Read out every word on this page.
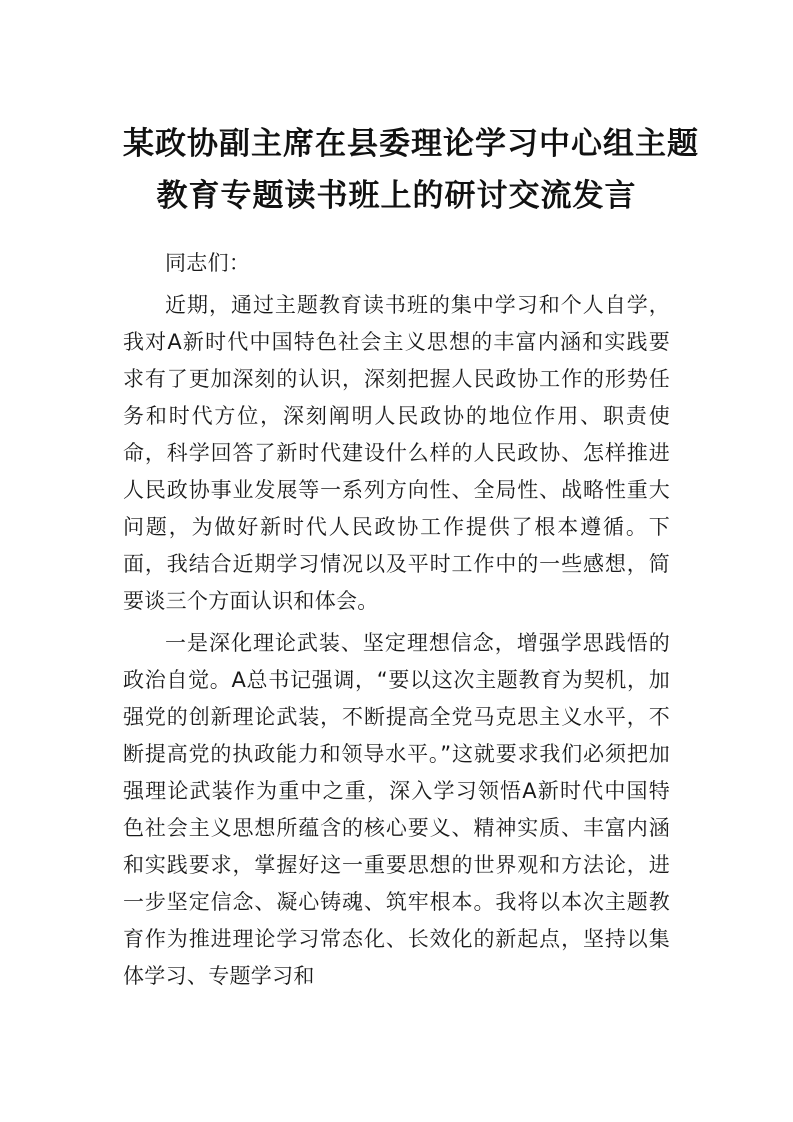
某政协副主席在县委理论学习中心组主题
教育专题读书班上的研讨交流发言

同志们：

近期，通过主题教育读书班的集中学习和个人自学，我对A新时代中国特色社会主义思想的丰富内涵和实践要求有了更加深刻的认识，深刻把握人民政协工作的形势任务和时代方位，深刻阐明人民政协的地位作用、职责使命，科学回答了新时代建设什么样的人民政协、怎样推进人民政协事业发展等一系列方向性、全局性、战略性重大问题，为做好新时代人民政协工作提供了根本遵循。下面，我结合近期学习情况以及平时工作中的一些感想，简要谈三个方面认识和体会。

一是深化理论武装、坚定理想信念，增强学思践悟的政治自觉。A总书记强调，“要以这次主题教育为契机，加强党的创新理论武装，不断提高全党马克思主义水平，不断提高党的执政能力和领导水平。”这就要求我们必须把加强理论武装作为重中之重，深入学习领悟A新时代中国特色社会主义思想所蕴含的核心要义、精神实质、丰富内涵和实践要求，掌握好这一重要思想的世界观和方法论，进一步坚定信念、凝心铸魂、筑牢根本。我将以本次主题教育作为推进理论学习常态化、长效化的新起点，坚持以集体学习、专题学习和
